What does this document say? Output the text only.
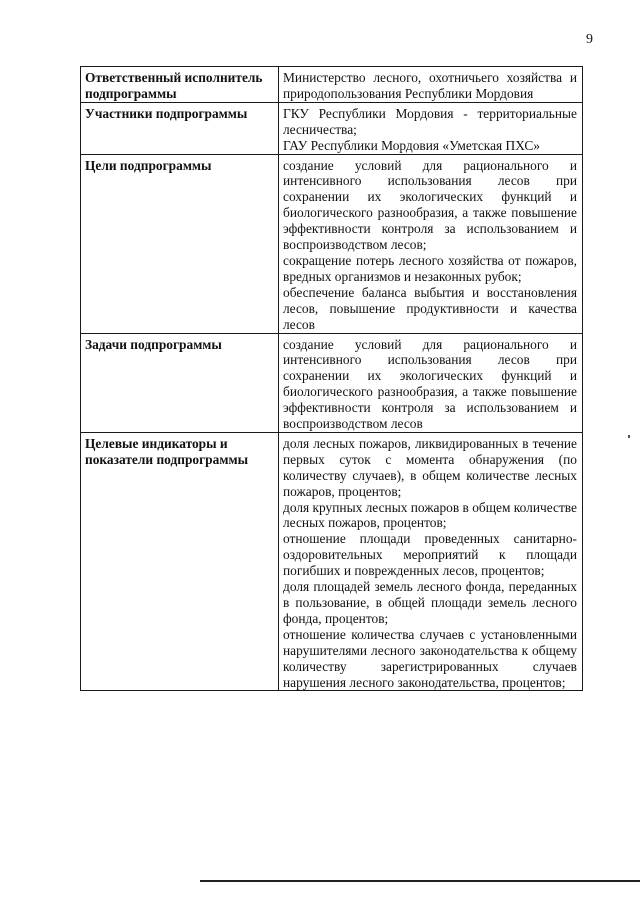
9
Ответственный исполнитель подпрограммы	Министерство лесного, охотничьего хозяйства и природопользования Республики Мордовия

Участники подпрограммы	ГКУ Республики Мордовия - территориальные лесничества;
ГАУ Республики Мордовия «Уметская ПХС»

Цели подпрограммы	создание условий для рационального и интенсивного использования лесов при сохранении их экологических функций и биологического разнообразия, а также повышение эффективности контроля за использованием и воспроизводством лесов;
сокращение потерь лесного хозяйства от пожаров, вредных организмов и незаконных рубок;
обеспечение баланса выбытия и восстановления лесов, повышение продуктивности и качества лесов

Задачи подпрограммы	создание условий для рационального и интенсивного использования лесов при сохранении их экологических функций и биологического разнообразия, а также повышение эффективности контроля за использованием и воспроизводством лесов

Целевые индикаторы и показатели подпрограммы	доля лесных пожаров, ликвидированных в течение первых суток с момента обнаружения (по количеству случаев), в общем количестве лесных пожаров, процентов;
доля крупных лесных пожаров в общем количестве лесных пожаров, процентов;
отношение площади проведенных санитарно-оздоровительных мероприятий к площади погибших и поврежденных лесов, процентов;
доля площадей земель лесного фонда, переданных в пользование, в общей площади земель лесного фонда, процентов;
отношение количества случаев с установленными нарушителями лесного законодательства к общему количеству зарегистрированных случаев нарушения лесного законодательства, процентов;
